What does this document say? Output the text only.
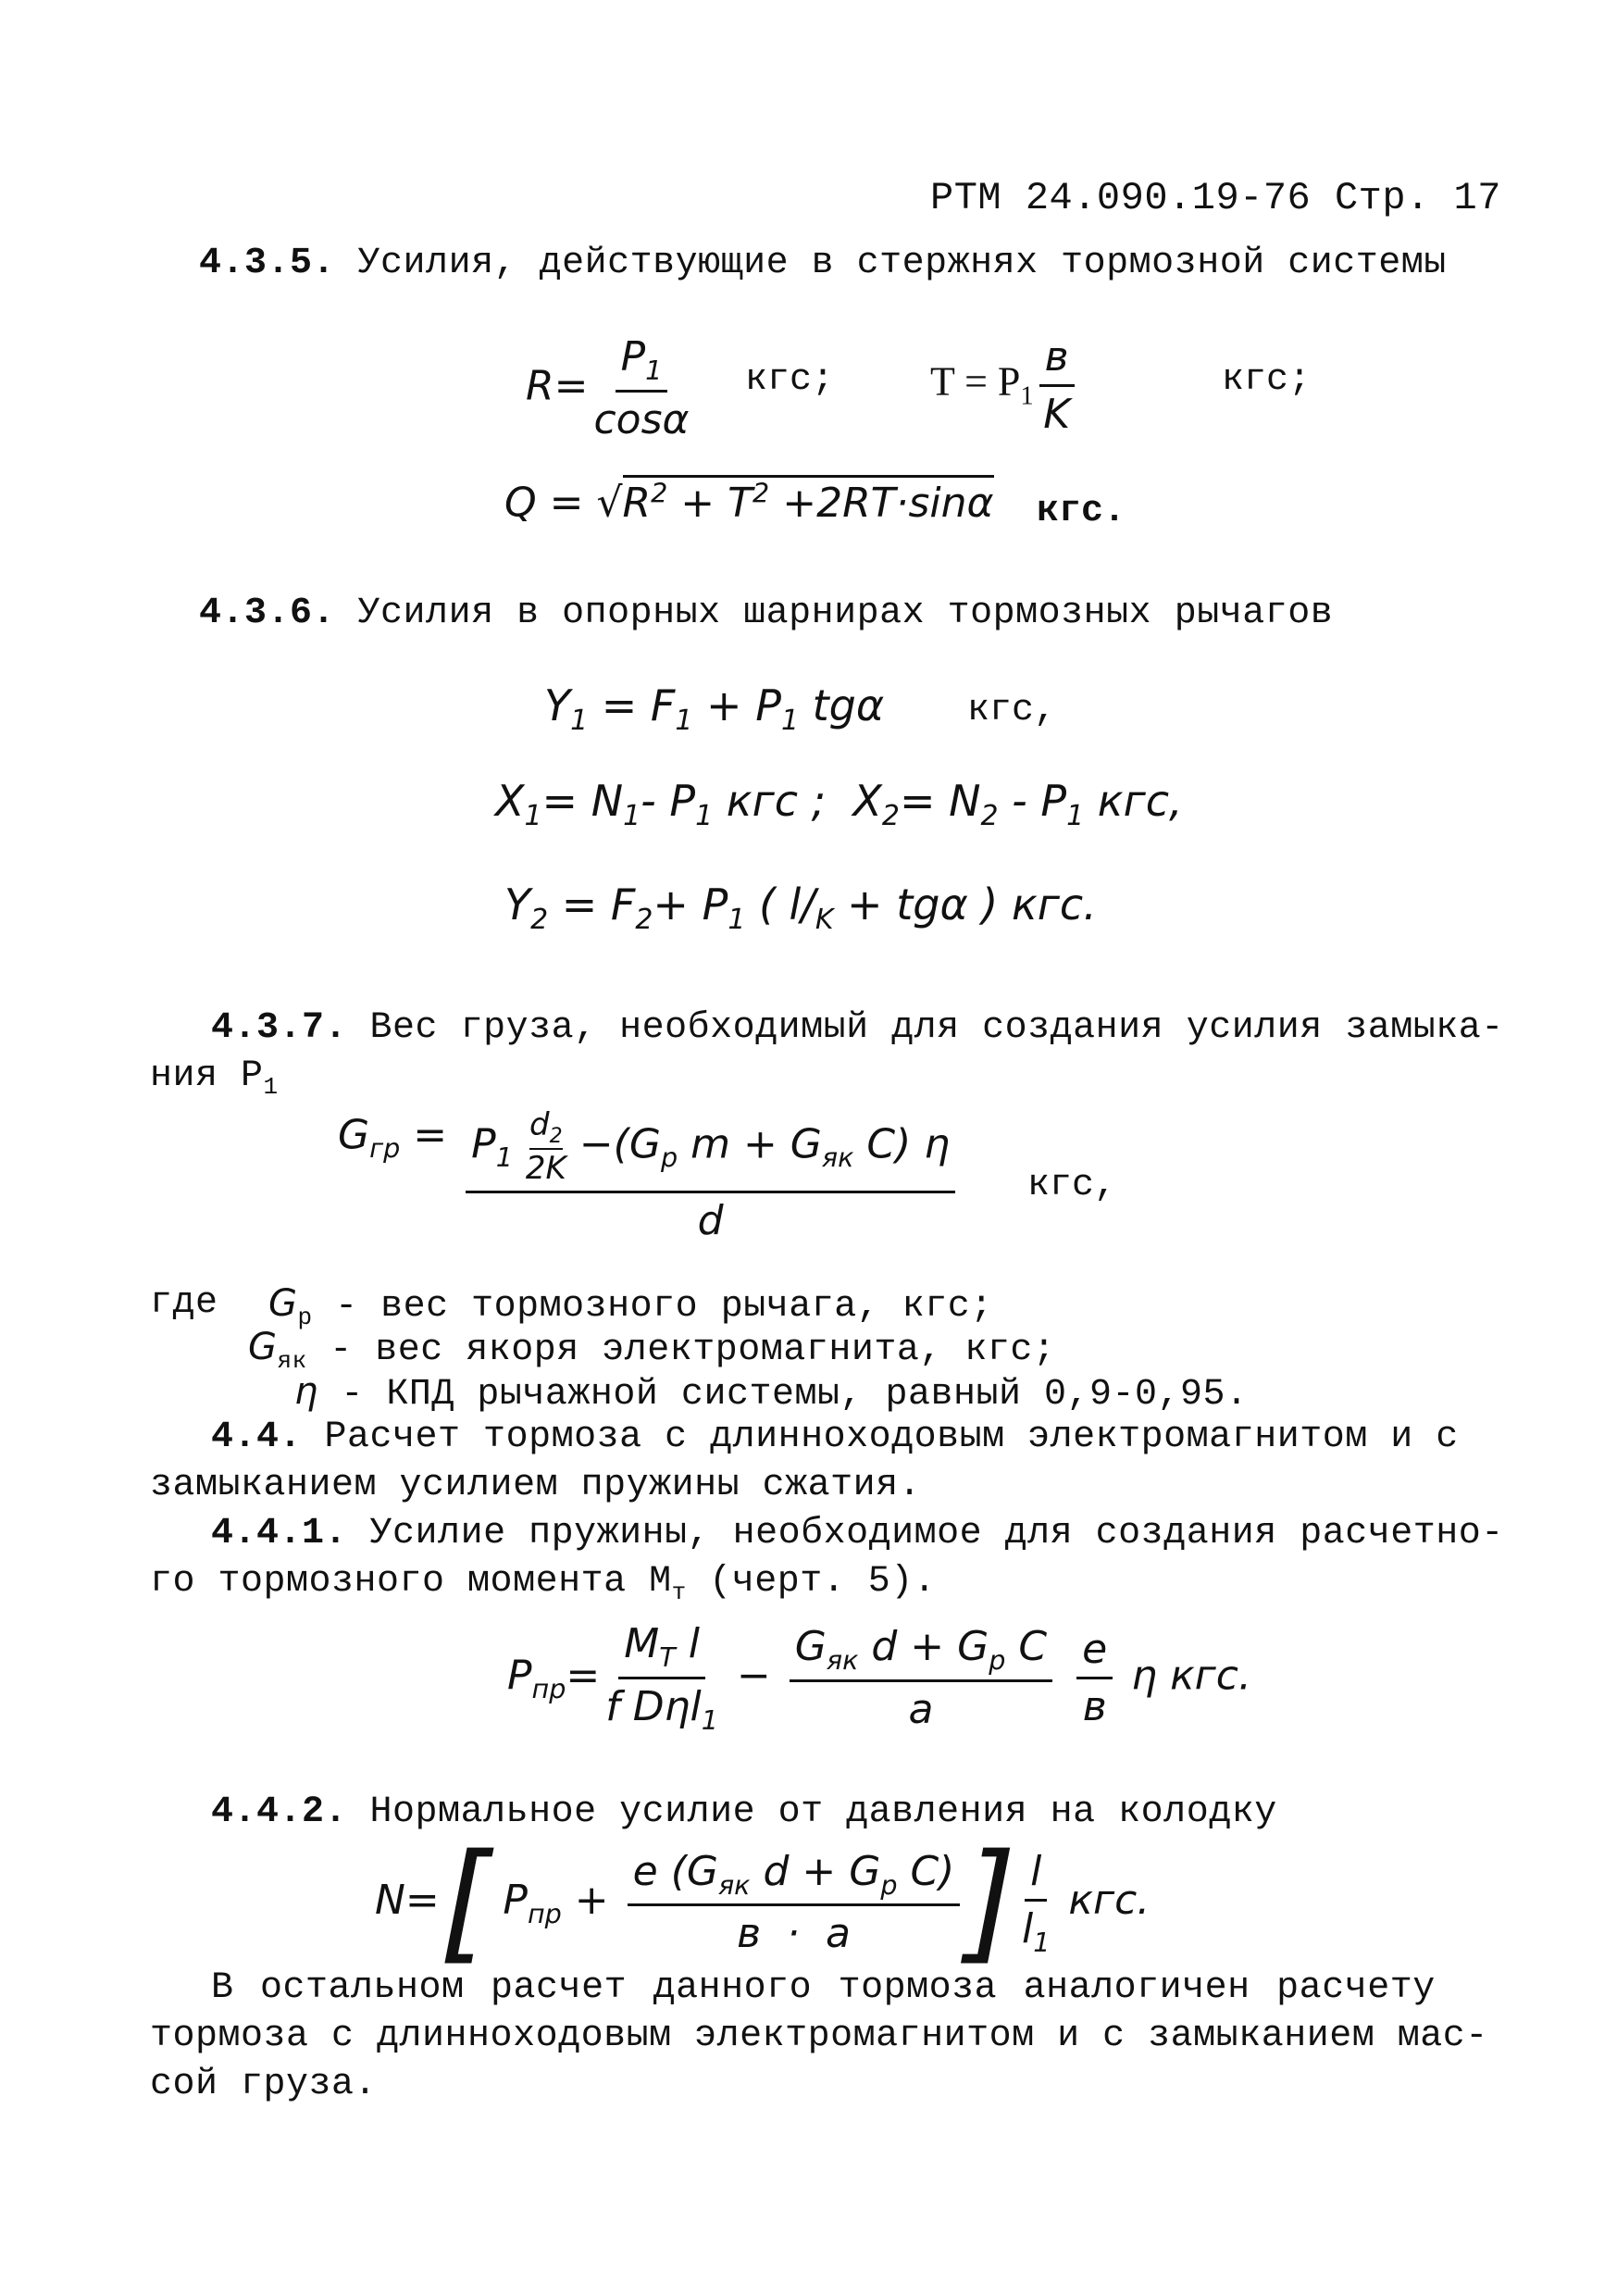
РТМ 24.090.19-76 Стр. 17
4.3.5. Усилия, действующие в стержнях тормозной системы
$R= \frac{P_1}{\cos\alpha}$ кгс; $T = P_1 \frac{в}{K}$	кгс;
$Q = √R^2 + T^2 +2RT\cdot\sin\alpha$ кгс.
4.3.6. Усилия в опорных шарнирах тормозных рычагов
$Y_1 = F_1 + P_1$ tgα кгс,
$X_1= N_1-$ $P_1$ кгс ;  $X_2= N_2 - P_1$ кгс,
$Y_2 = F_2+ P_1$ ( $l/_K + tg\alpha$ ) кгс.
4.3.7. Вес груза, необходимый для создания усилия замыка-
ния $P_1$
$G_{гр} = \frac{P_1 \frac{d_2}{2K} -(G_p m + G_{як} C) \eta}{d}$ кгс,
где $G_р$ - вес тормозного рычага, кгс;
$G_{як}$ - вес якоря электромагнита, кгс;
η - КПД рычажной системы, равный 0,9-0,95.
4.4. Расчет тормоза с длинноходовым электромагнитом и с
замыканием усилием пружины сжатия.
4.4.1. Усилие пружины, необходимое для создания расчетно-
го тормозного момента $M_т$ (черт. 5).
$P_{пр}= \frac{M_T l}{f D\eta l_1} - \frac{G_{як} d + G_p C}{a}$
$\frac{e}{в}$ η кгс.
4.4.2. Нормальное усилие от давления на колодку
N=[ $P_{пр} + \frac{e (G_{як} d + G_p C)}{в \cdot a}$ ] $\frac{l}{l_1}$ кгс.
В остальном расчет данного тормоза аналогичен расчету
тормоза с длинноходовым электромагнитом и с замыканием мас-
сой груза.
